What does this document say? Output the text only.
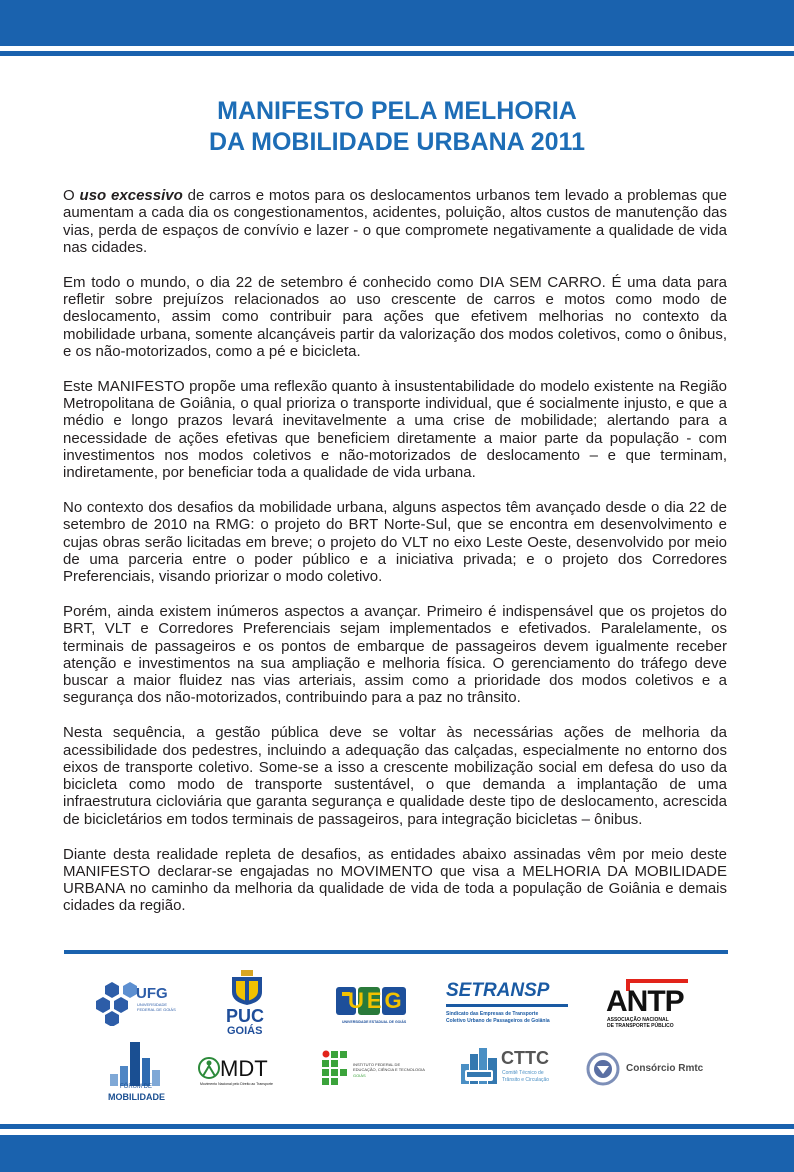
MANIFESTO PELA MELHORIA
DA MOBILIDADE URBANA 2011

O uso excessivo de carros e motos para os deslocamentos urbanos tem levado a problemas que aumentam a cada dia os congestionamentos, acidentes, poluição, altos custos de manutenção das vias, perda de espaços de convívio e lazer - o que compromete negativamente a qualidade de vida nas cidades.

Em todo o mundo, o dia 22 de setembro é conhecido como DIA SEM CARRO. É uma data para refletir sobre prejuízos relacionados ao uso crescente de carros e motos como modo de deslocamento, assim como contribuir para ações que efetivem melhorias no contexto da mobilidade urbana, somente alcançáveis partir da valorização dos modos coletivos, como o ônibus, e os não-motorizados, como a pé e bicicleta.

Este MANIFESTO propõe uma reflexão quanto à insustentabilidade do modelo existente na Região Metropolitana de Goiânia, o qual prioriza o transporte individual, que é socialmente injusto, e que a médio e longo prazos levará inevitavelmente a uma crise de mobilidade; alertando para a necessidade de ações efetivas que beneficiem diretamente a maior parte da população - com investimentos nos modos coletivos e não-motorizados de deslocamento – e que terminam, indiretamente, por beneficiar toda a qualidade de vida urbana.

No contexto dos desafios da mobilidade urbana, alguns aspectos têm avançado desde o dia 22 de setembro de 2010 na RMG: o projeto do BRT Norte-Sul, que se encontra em desenvolvimento e cujas obras serão licitadas em breve; o projeto do VLT no eixo Leste Oeste, desenvolvido por meio de uma parceria entre o poder público e a iniciativa privada; e o projeto dos Corredores Preferenciais, visando priorizar o modo coletivo.

Porém, ainda existem inúmeros aspectos a avançar. Primeiro é indispensável que os projetos do BRT, VLT e Corredores Preferenciais sejam implementados e efetivados. Paralelamente, os terminais de passageiros e os pontos de embarque de passageiros devem igualmente receber atenção e investimentos na sua ampliação e melhoria física. O gerenciamento do tráfego deve buscar a maior fluidez nas vias arteriais, assim como a prioridade dos modos coletivos e a segurança dos não-motorizados, contribuindo para a paz no trânsito.

Nesta sequência, a gestão pública deve se voltar às necessárias ações de melhoria da acessibilidade dos pedestres, incluindo a adequação das calçadas, especialmente no entorno dos eixos de transporte coletivo. Some-se a isso a crescente mobilização social em defesa do uso da bicicleta como modo de transporte sustentável, o que demanda a implantação de uma infraestrutura cicloviária que garanta segurança e qualidade deste tipo de deslocamento, acrescida de bicicletários em todos terminais de passageiros, para integração bicicletas – ônibus.

Diante desta realidade repleta de desafios, as entidades abaixo assinadas vêm por meio deste MANIFESTO declarar-se engajadas no MOVIMENTO que visa a MELHORIA DA MOBILIDADE URBANA no caminho da melhoria da qualidade de vida de toda a população de Goiânia e demais cidades da região.

UFG
UNIVERSIDADE
FEDERAL DE GOIÁS	PUC
GOIÁS
UEG
UNIVERSIDADE ESTADUAL DE GOIÁS
SETRANSP
Sindicato das Empresas de Transporte
Coletivo Urbano de Passageiros de Goiânia
ANTP
ASSOCIAÇÃO NACIONAL
DE TRANSPORTE PÚBLICO
FÓRUM DE
MOBILIDADE
MDT
Movimento Nacional pelo Direito ao Transporte
INSTITUTO FEDERAL DE
EDUCAÇÃO, CIÊNCIA E TECNOLOGIA
GOIÁS
CTTC
Comitê Técnico de
Trânsito e Circulação
Consórcio Rmtc
